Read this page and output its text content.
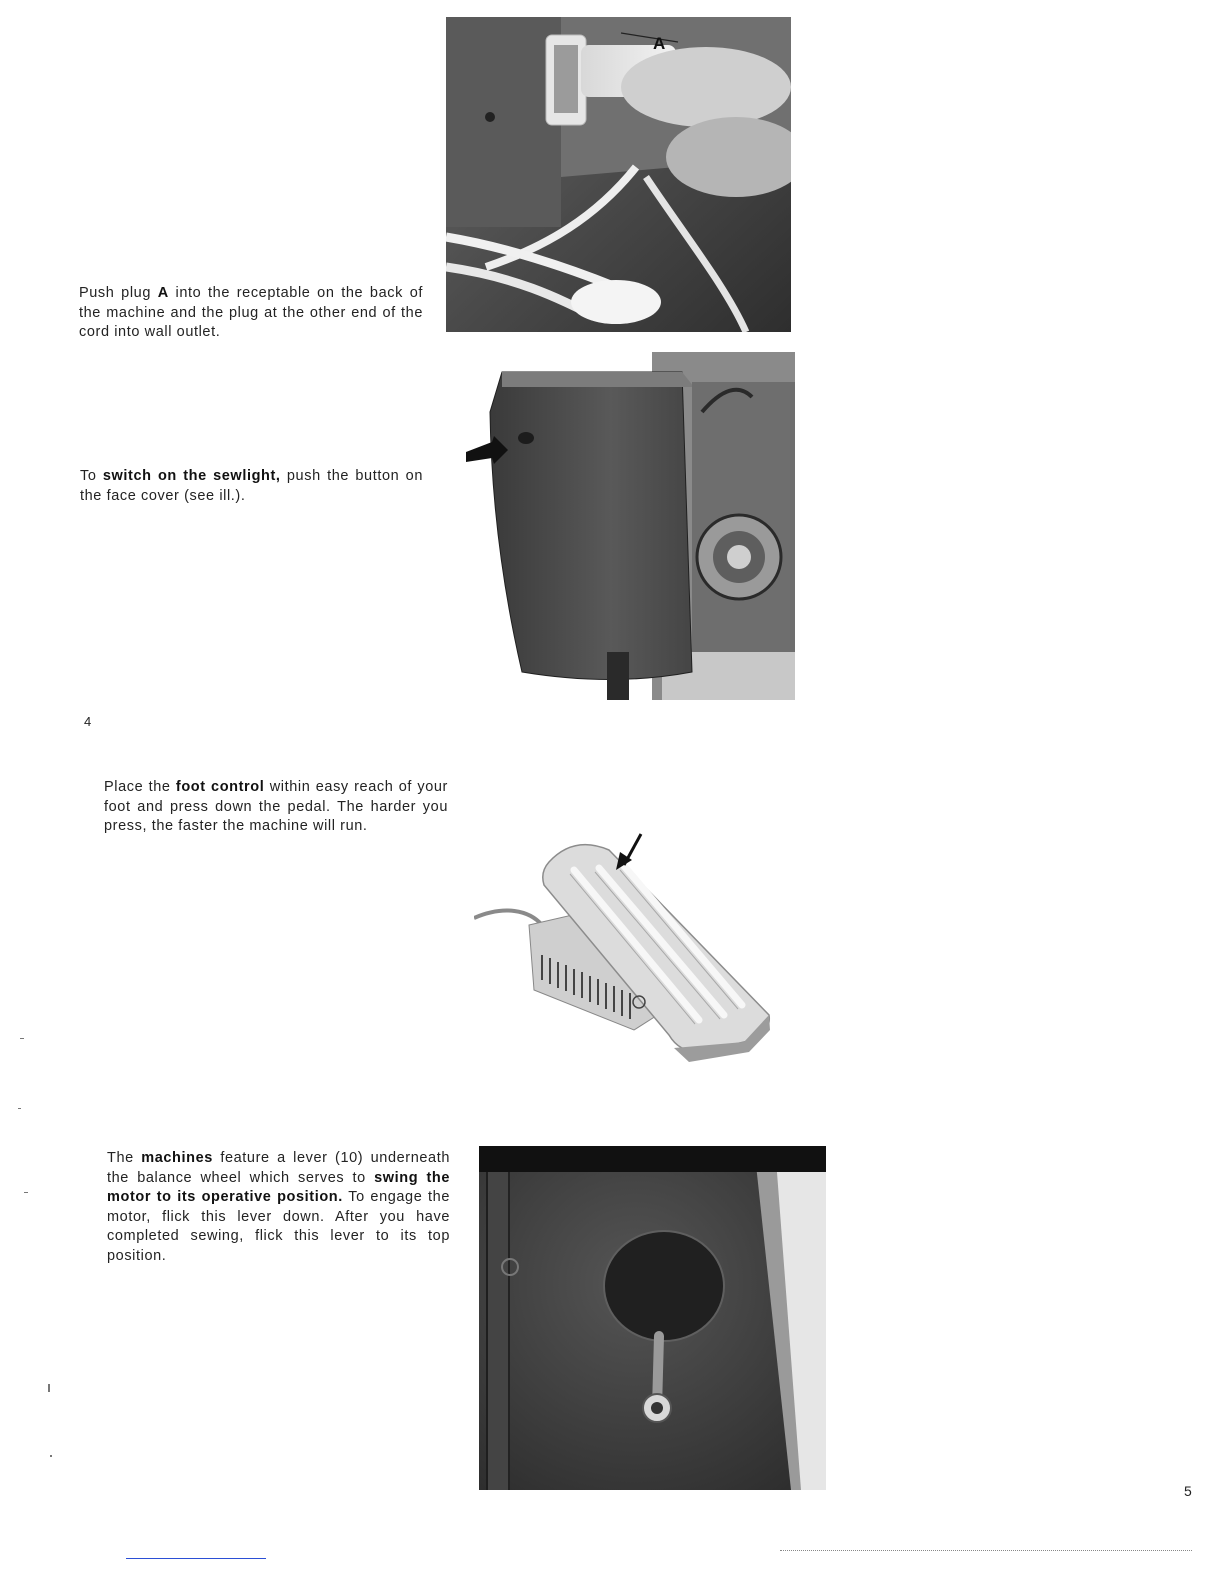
Push plug A into the receptable on the back of the machine and the plug at the other end of the cord into wall outlet.

A

To switch on the sewlight, push the button on the face cover (see ill.).

4

Place the foot control within easy reach of your foot and press down the pedal. The harder you press, the faster the machine will run.

The machines feature a lever (10) underneath the balance wheel which serves to swing the motor to its operative position. To engage the motor, flick this lever down. After you have completed sewing, flick this lever to its top position.

5
